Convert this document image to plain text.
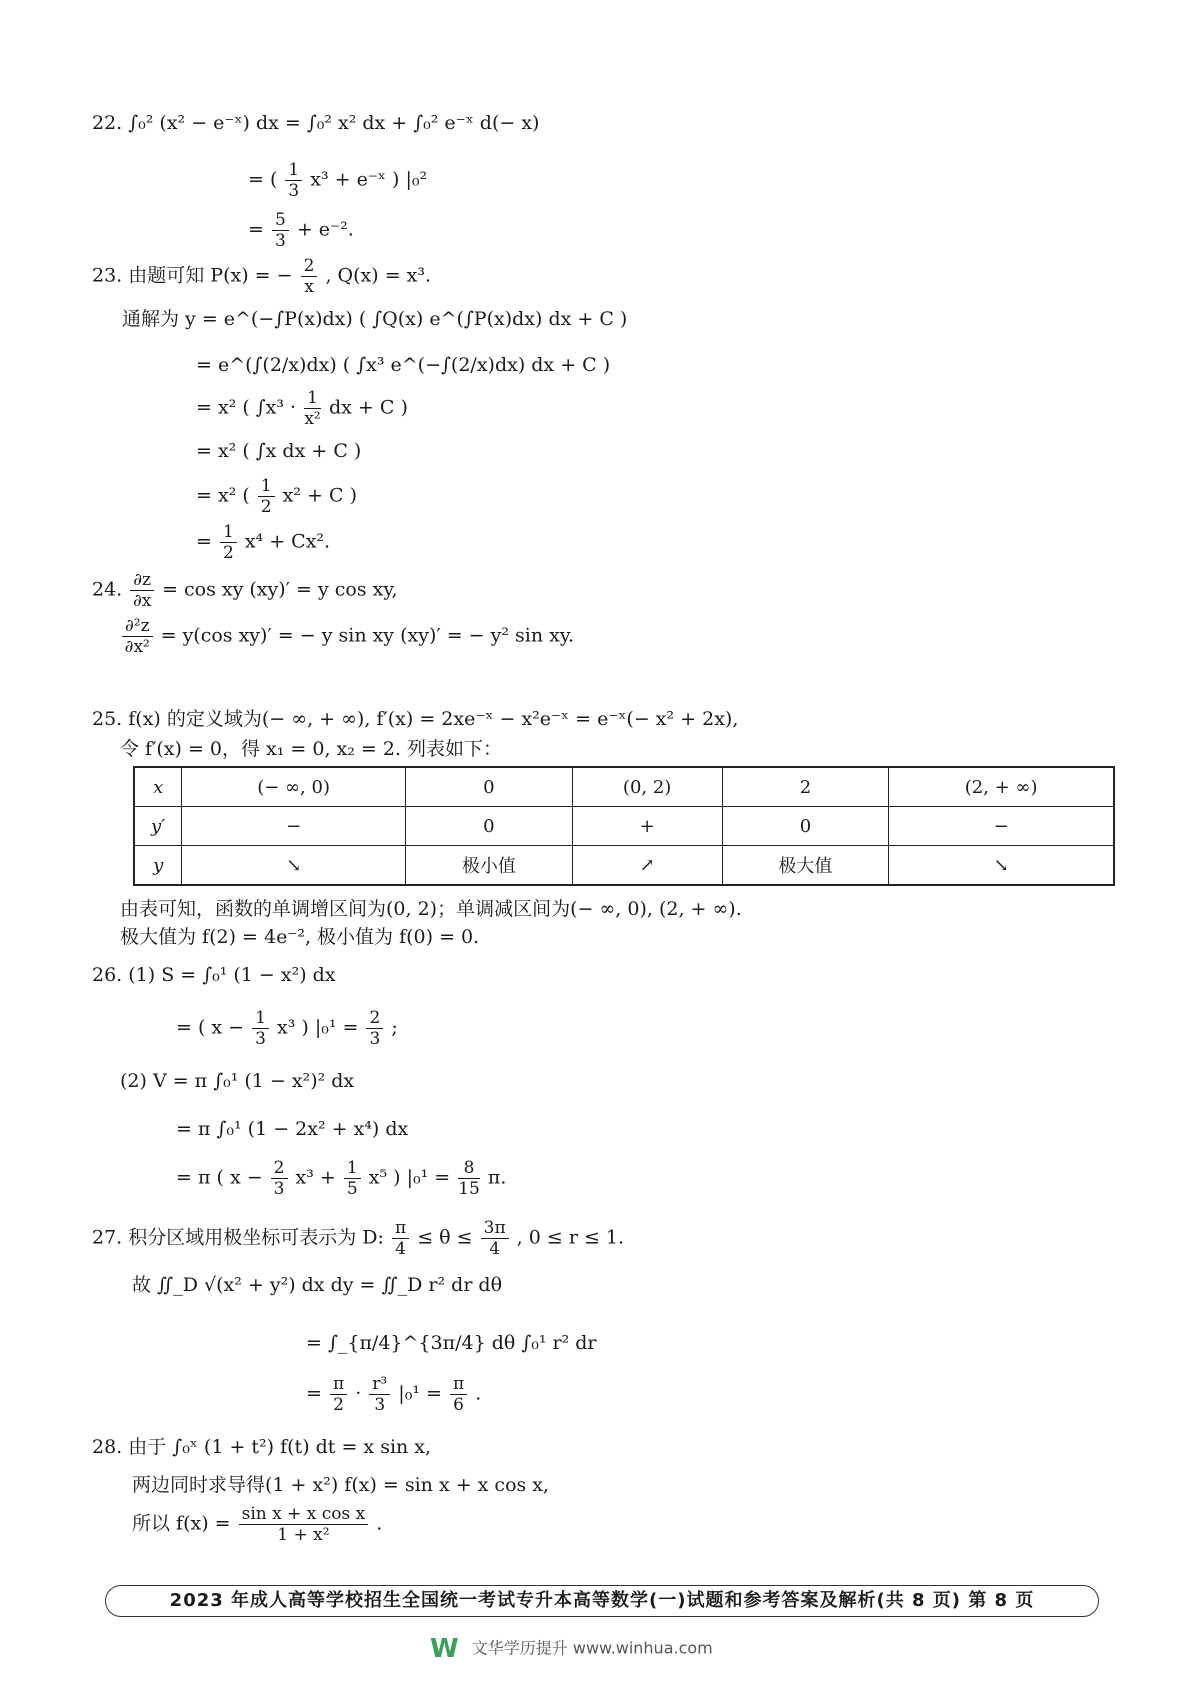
22. ∫₀² (x² − e⁻ˣ) dx = ∫₀² x² dx + ∫₀² e⁻ˣ d(− x)
= ( $\frac{1}{3} x^3$ + e⁻ˣ ) |₀²
= $\frac{5}{3} + e^{-2}$.
23. 由题可知 P(x) = − $\frac{2}{x}$ , Q(x) = x³.
通解为 y = e^(−∫P(x)dx) ( ∫Q(x) e^(∫P(x)dx) dx + C )
= e^(∫(2/x)dx) ( ∫x³ e^(−∫(2/x)dx) dx + C )
= x² ( $\int x^3 \cdot \frac{1}{\text{x²}}$ dx + C )
= x² ( ∫x dx + C )
= x² ( $\frac{1}{2} x^2 + C$ )
= $\frac{1}{2} x^4 + Cx^2$.
24. $\frac{\partial z}{\partial x} = \cos$ xy (xy)′ = y cos xy,
$\frac{\text{∂²z}}{\text{∂x²}} = y(\cos$ xy)′ = − y sin xy (xy)′ = − y² sin xy.
25. f(x) 的定义域为(− ∞, + ∞), f′(x) = 2xe⁻ˣ − x²e⁻ˣ = e⁻ˣ(− x² + 2x),
令 f′(x) = 0，得 x₁ = 0, x₂ = 2. 列表如下：
x	(− ∞, 0)	0	(0, 2)	2	(2, + ∞)
y′	−	0	+	0	−
y	↘	极小值	↗	极大值	↘
由表可知，函数的单调增区间为(0, 2)；单调减区间为(− ∞, 0), (2, + ∞).
极大值为 f(2) = 4e⁻², 极小值为 f(0) = 0.
26. (1) S = ∫₀¹ (1 − x²) dx
= ( $x - \frac{1}{3} x^3$ ) $|_0^1 = \frac{2}{3}$ ;
(2) V = π ∫₀¹ (1 − x²)² dx
= π ∫₀¹ (1 − 2x² + x⁴) dx
= π ( $x - \frac{2}{3} x^3 + \frac{1}{5} x^5$ ) $|_0^1 = \frac{8}{15} \pi$.
27. 积分区域用极坐标可表示为 D: $\frac{\pi}{4} \le \theta \le \frac{3\pi}{4}$ , 0 ≤ r ≤ 1.
故 ∬_D √(x² + y²) dx dy = ∬_D r² dr dθ
= ∫_{π/4}^{3π/4} dθ ∫₀¹ r² dr
= $\frac{\pi}{2} \cdot \frac{\text{r³}}{3} |_0^1 = \frac{\pi}{6}$ .
28. 由于 ∫₀ˣ (1 + t²) f(t) dt = x sin x,
两边同时求导得(1 + x²) f(x) = sin x + x cos x,
所以 $f(x) = \frac{\text{sin x + x cos x}}{\text{1 + x²}}$ .
2023 年成人高等学校招生全国统一考试专升本高等数学(一)试题和参考答案及解析(共 8 页) 第 8 页
W 文华学历提升 www.winhua.com
